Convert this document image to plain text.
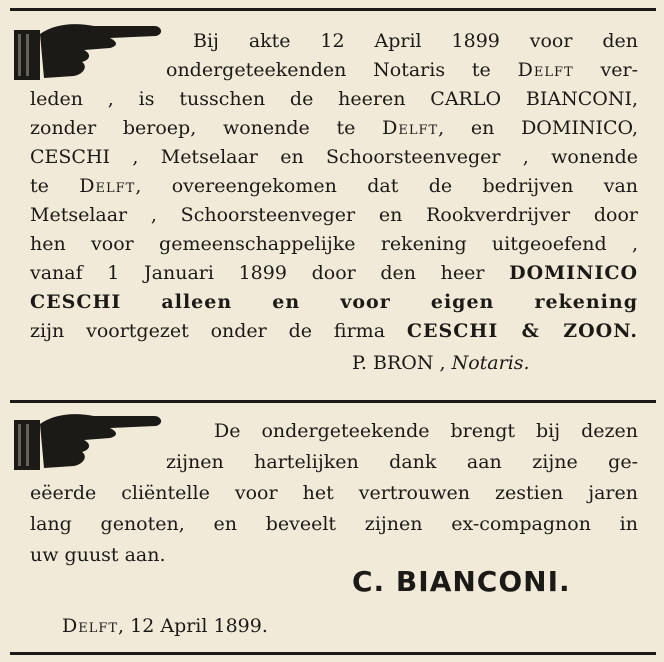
Bij akte 12 April 1899 voor den
ondergeteekenden Notaris te Delft ver-
leden , is tusschen de heeren CARLO BIANCONI,
zonder beroep, wonende te Delft, en DOMINICO,
CESCHI , Metselaar en Schoorsteenveger , wonende
te Delft, overeengekomen dat de bedrijven van
Metselaar , Schoorsteenveger en Rookverdrijver door
hen voor gemeenschappelijke rekening uitgeoefend ,
vanaf 1 Januari 1899 door den heer DOMINICO
CESCHI alleen en voor eigen rekening
zijn voortgezet onder de firma CESCHI & ZOON.
P. BRON , Notaris.
De ondergeteekende brengt bij dezen
zijnen hartelijken dank aan zijne ge-
eëerde cliëntelle voor het vertrouwen zestien jaren
lang genoten, en beveelt zijnen ex-compagnon in
uw guust aan.
C. BIANCONI.
Delft, 12 April 1899.
